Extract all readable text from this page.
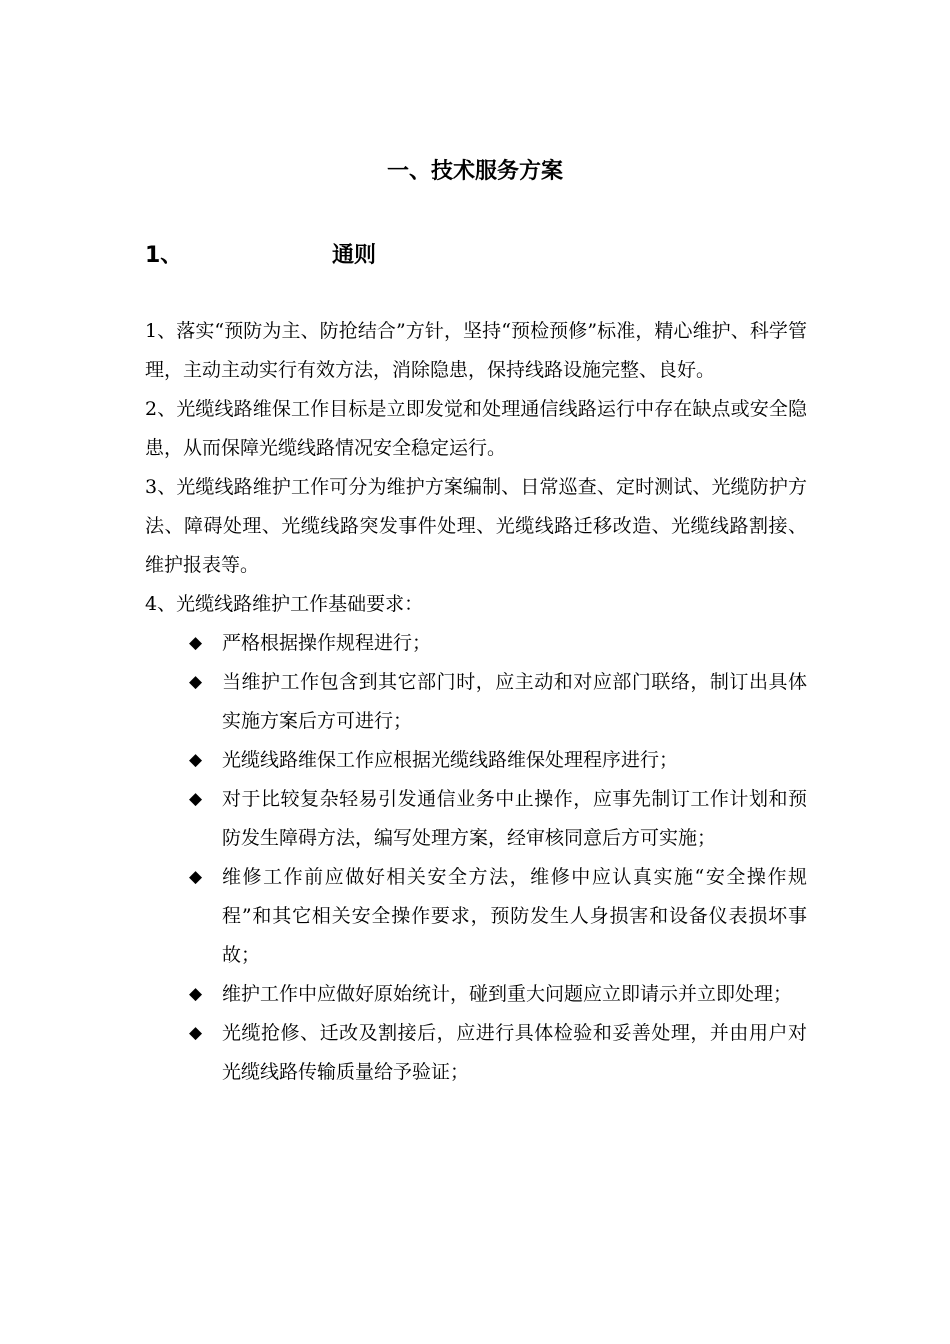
一、技术服务方案
1、	通则

1、落实“预防为主、防抢结合”方针，坚持“预检预修”标准，精心维护、科学管理，主动主动实行有效方法，消除隐患，保持线路设施完整、良好。

2、光缆线路维保工作目标是立即发觉和处理通信线路运行中存在缺点或安全隐患，从而保障光缆线路情况安全稳定运行。

3、光缆线路维护工作可分为维护方案编制、日常巡查、定时测试、光缆防护方法、障碍处理、光缆线路突发事件处理、光缆线路迁移改造、光缆线路割接、维护报表等。

4、光缆线路维护工作基础要求：

◆ 严格根据操作规程进行；
◆ 当维护工作包含到其它部门时，应主动和对应部门联络，制订出具体实施方案后方可进行；
◆ 光缆线路维保工作应根据光缆线路维保处理程序进行；
◆ 对于比较复杂轻易引发通信业务中止操作，应事先制订工作计划和预防发生障碍方法，编写处理方案，经审核同意后方可实施；
◆ 维修工作前应做好相关安全方法，维修中应认真实施“安全操作规程”和其它相关安全操作要求，预防发生人身损害和设备仪表损坏事故；
◆ 维护工作中应做好原始统计，碰到重大问题应立即请示并立即处理；
◆ 光缆抢修、迁改及割接后，应进行具体检验和妥善处理，并由用户对光缆线路传输质量给予验证；
